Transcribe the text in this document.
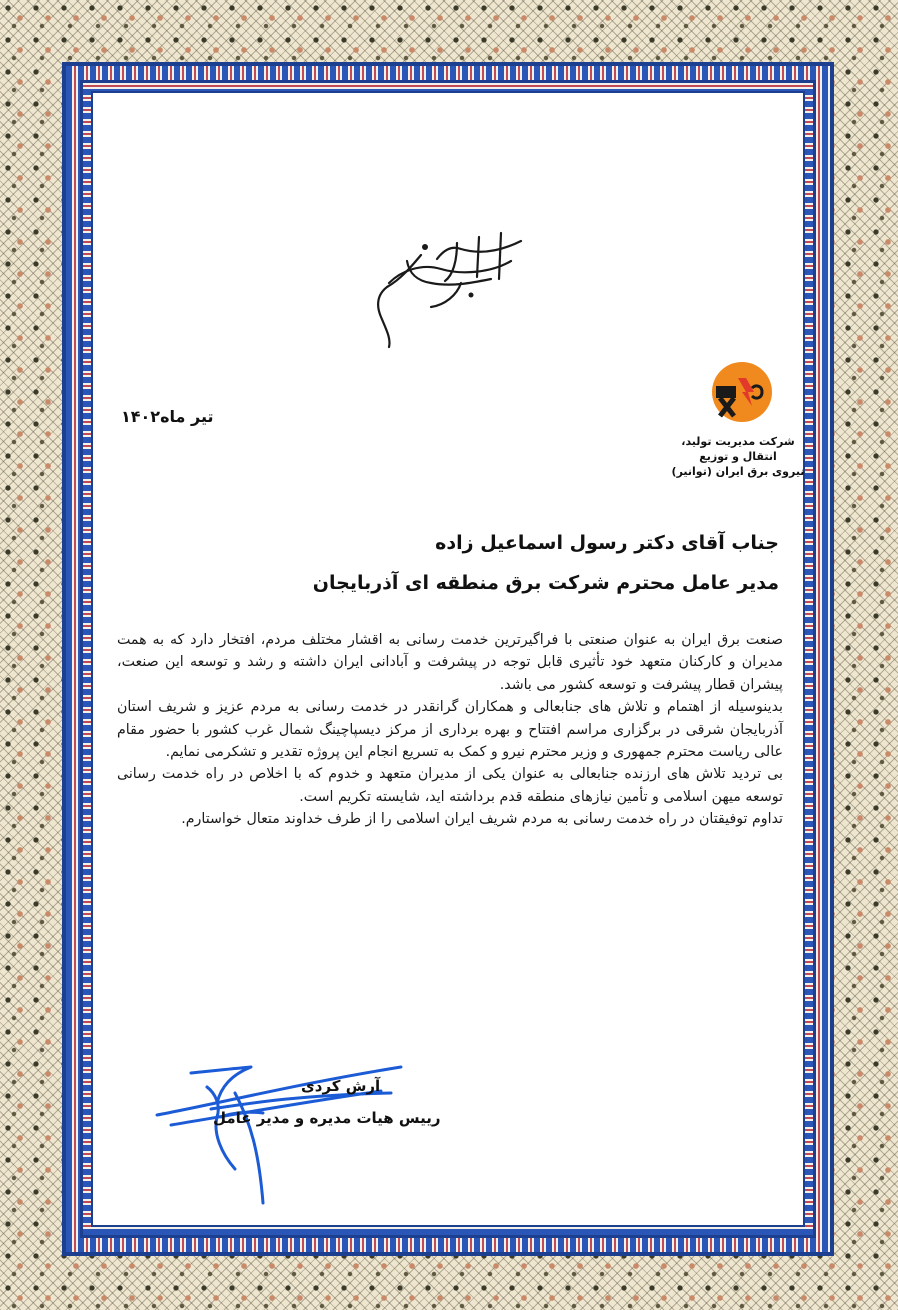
شرکت مدیریت تولید، انتقال و توزیع

نیروی برق ایران (توانیر)

تیر ماه۱۴۰۲
جناب آقای دکتر رسول اسماعیل زاده
مدیر عامل محترم شرکت برق منطقه ای آذربایجان

صنعت برق ایران به عنوان صنعتی با فراگیرترین خدمت رسانی به اقشار مختلف مردم، افتخار دارد که به همت مدیران و کارکنان متعهد خود تأثیری قابل توجه در پیشرفت و آبادانی ایران داشته و رشد و توسعه این صنعت، پیشران قطار پیشرفت و توسعه کشور می باشد.

بدینوسیله از اهتمام و تلاش های جنابعالی و همکاران گرانقدر در خدمت رسانی به مردم عزیز و شریف استان آذربایجان شرقی در برگزاری مراسم افتتاح و بهره برداری از مرکز دیسپاچینگ شمال غرب کشور با حضور مقام عالی ریاست محترم جمهوری و وزیر محترم نیرو و کمک به تسریع انجام این پروژه تقدیر و تشکرمی نمایم.

بی تردید تلاش های ارزنده جنابعالی به عنوان یکی از مدیران متعهد و خدوم که با اخلاص در راه خدمت رسانی توسعه میهن اسلامی و تأمین نیازهای منطقه قدم برداشته اید، شایسته تکریم است.

تداوم توفیقتان در راه خدمت رسانی به مردم شریف ایران اسلامی را از طرف خداوند متعال خواستارم.

آرش کردی
رییس هیات مدیره و مدیر عامل
